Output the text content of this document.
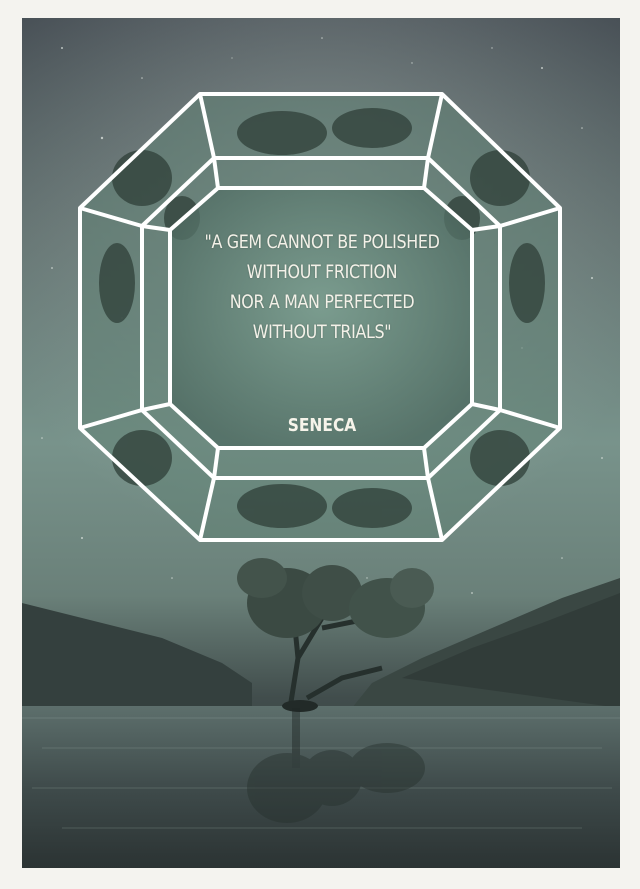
"A GEM CANNOT BE POLISHED
WITHOUT FRICTION
NOR A MAN PERFECTED
WITHOUT TRIALS"
SENECA
